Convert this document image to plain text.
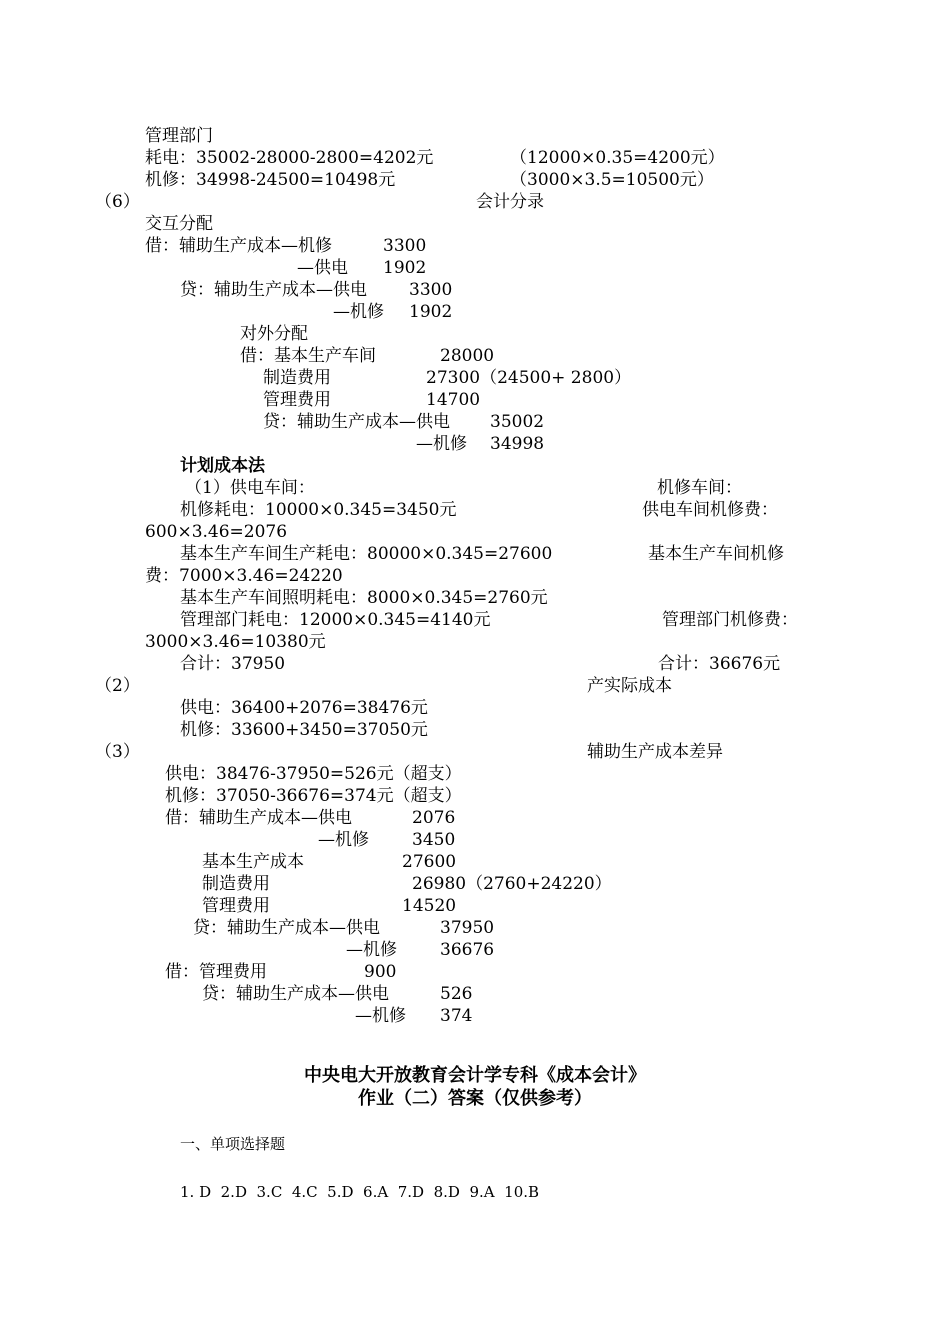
管理部门
耗电：35002-28000-2800=4202元	（12000×0.35=4200元）
机修：34998-24500=10498元	（3000×3.5=10500元）
（6）	会计分录
交互分配
借：辅助生产成本—机修	3300
—供电 1902
贷：辅助生产成本—供电 3300
—机修 1902
对外分配
借：基本生产车间	28000
制造费用	27300（24500+ 2800）
管理费用	14700
贷：辅助生产成本—供电 35002
—机修 34998
计划成本法
（1）供电车间：	机修车间：
机修耗电：10000×0.345=3450元	供电车间机修费：
600×3.46=2076
基本生产车间生产耗电：80000×0.345=27600	基本生产车间机修
费：7000×3.46=24220
基本生产车间照明耗电：8000×0.345=2760元
管理部门耗电：12000×0.345=4140元	管理部门机修费：
3000×3.46=10380元
合计：37950	合计：36676元
（2）	产实际成本
供电：36400+2076=38476元
机修：33600+3450=37050元
（3）	辅助生产成本差异
供电：38476-37950=526元（超支）
机修：37050-36676=374元（超支）
借：辅助生产成本—供电	2076
—机修	3450
基本生产成本	27600
制造费用	26980（2760+24220）
管理费用	14520
贷：辅助生产成本—供电	37950
—机修	36676
借：管理费用	900
贷：辅助生产成本—供电	526
—机修 374
中央电大开放教育会计学专科《成本会计》
作业（二）答案（仅供参考）
一、单项选择题
1. D  2.D  3.C  4.C  5.D  6.A  7.D  8.D  9.A  10.B
